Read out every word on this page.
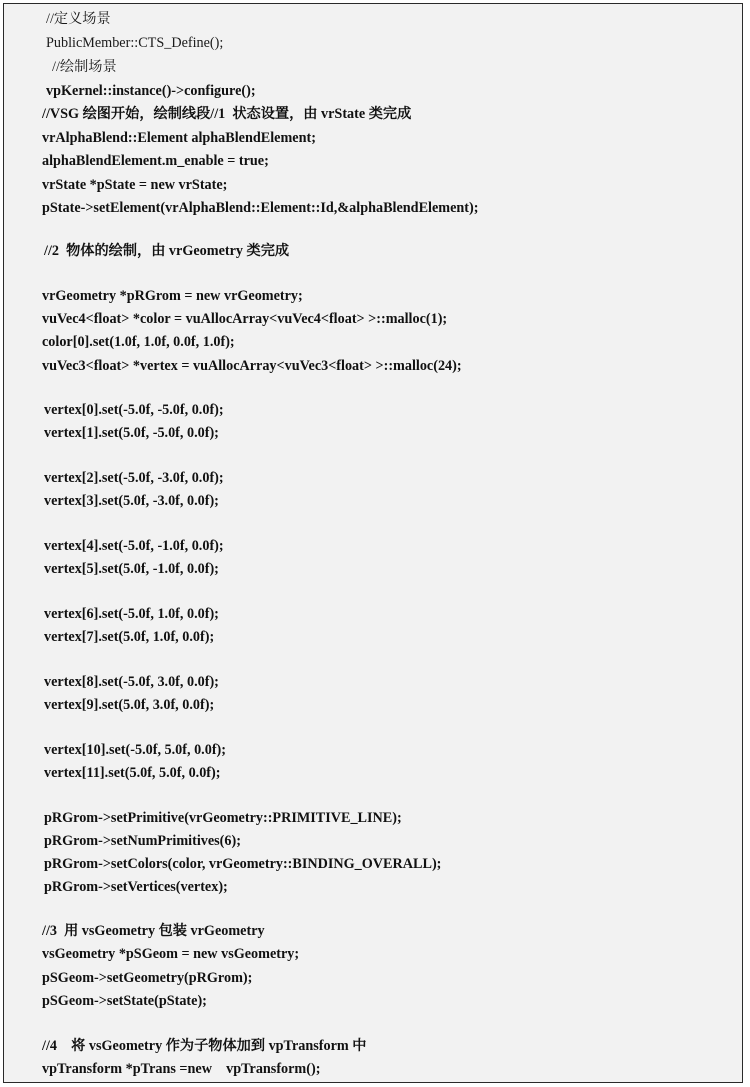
//定义场景
PublicMember::CTS_Define();
//绘制场景
vpKernel::instance()->configure();
//VSG 绘图开始，绘制线段//1  状态设置，由 vrState 类完成
vrAlphaBlend::Element alphaBlendElement;
alphaBlendElement.m_enable = true;
vrState *pState = new vrState;
pState->setElement(vrAlphaBlend::Element::Id,&alphaBlendElement);
//2  物体的绘制，由 vrGeometry 类完成
vrGeometry *pRGrom = new vrGeometry;
vuVec4<float> *color = vuAllocArray<vuVec4<float> >::malloc(1);
color[0].set(1.0f, 1.0f, 0.0f, 1.0f);
vuVec3<float> *vertex = vuAllocArray<vuVec3<float> >::malloc(24);
vertex[0].set(-5.0f, -5.0f, 0.0f);
vertex[1].set(5.0f, -5.0f, 0.0f);
vertex[2].set(-5.0f, -3.0f, 0.0f);
vertex[3].set(5.0f, -3.0f, 0.0f);
vertex[4].set(-5.0f, -1.0f, 0.0f);
vertex[5].set(5.0f, -1.0f, 0.0f);
vertex[6].set(-5.0f, 1.0f, 0.0f);
vertex[7].set(5.0f, 1.0f, 0.0f);
vertex[8].set(-5.0f, 3.0f, 0.0f);
vertex[9].set(5.0f, 3.0f, 0.0f);
vertex[10].set(-5.0f, 5.0f, 0.0f);
vertex[11].set(5.0f, 5.0f, 0.0f);
pRGrom->setPrimitive(vrGeometry::PRIMITIVE_LINE);
pRGrom->setNumPrimitives(6);
pRGrom->setColors(color, vrGeometry::BINDING_OVERALL);
pRGrom->setVertices(vertex);
//3  用 vsGeometry 包装 vrGeometry
vsGeometry *pSGeom = new vsGeometry;
pSGeom->setGeometry(pRGrom);
pSGeom->setState(pState);
//4    将 vsGeometry 作为子物体加到 vpTransform 中
vpTransform *pTrans =new    vpTransform();
